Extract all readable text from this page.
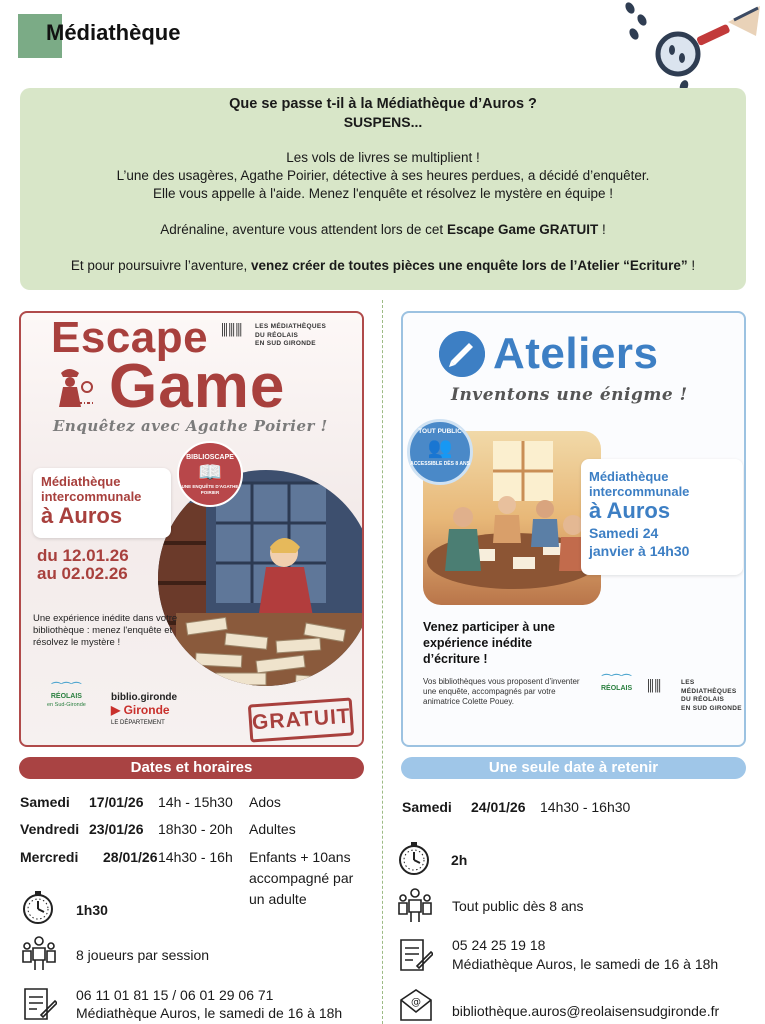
Médiathèque

Que se passe t-il à la Médiathèque d’Auros ?

SUSPENS...

Les vols de livres se multiplient !

L’une des usagères, Agathe Poirier, détective à ses heures perdues, a décidé d’enquêter.

Elle vous appelle à l'aide. Menez l'enquête et résolvez le mystère en équipe !

Adrénaline, aventure vous attendent lors de cet Escape Game GRATUIT !

Et pour poursuivre l’aventure, venez créer de toutes pièces une enquête lors de l’Atelier “Ecriture” !

Escape
Game
⫼⫼⫼ LES MÉDIATHÈQUES
DU RÉOLAIS
EN SUD GIRONDE
Enquêtez avec Agathe Poirier !
BIBLIOSCAPE
📖
UNE ENQUÊTE D'AGATHE POIRIER
Médiathèque
intercommunale
à Auros
du 12.01.26
au 02.02.26
Une expérience inédite dans votre bibliothèque : menez l'enquête et résolvez le mystère !
⌒⌒⌒
RÉOLAIS
en Sud-Gironde
biblio.gironde
▶ Gironde
LE DÉPARTEMENT	GRATUIT
Ateliers
Inventons une énigme !
TOUT PUBLIC
👥
ACCESSIBLE DÈS 8 ANS
Médiathèque
intercommunale
à Auros
Samedi 24
janvier à 14h30
Venez participer à une expérience inédite d’écriture !
Vos bibliothèques vous proposent d’inventer une enquête, accompagnés par votre animatrice Colette Pouey.
⌒⌒⌒
RÉOLAIS ⫼⫼	LES MÉDIATHÈQUES
DU RÉOLAIS
EN SUD GIRONDE
Dates et horaires	Une seule date à retenir
Samedi 17/01/26 14h - 15h30 Ados
Vendredi 23/01/26 18h30 - 20h Adultes
Mercredi 28/01/26 14h30 - 16h Enfants + 10ans accompagné par un adulte
1h30
8 joueurs par session
06 11 01 81 15 / 06 01 29 06 71
Médiathèque Auros, le samedi de 16 à 18h
Samedi 24/01/26 14h30 - 16h30
2h
Tout public dès 8 ans
05 24 25 19 18
Médiathèque Auros, le samedi de 16 à 18h
@
bibliothèque.auros@reolaisensudgironde.fr
